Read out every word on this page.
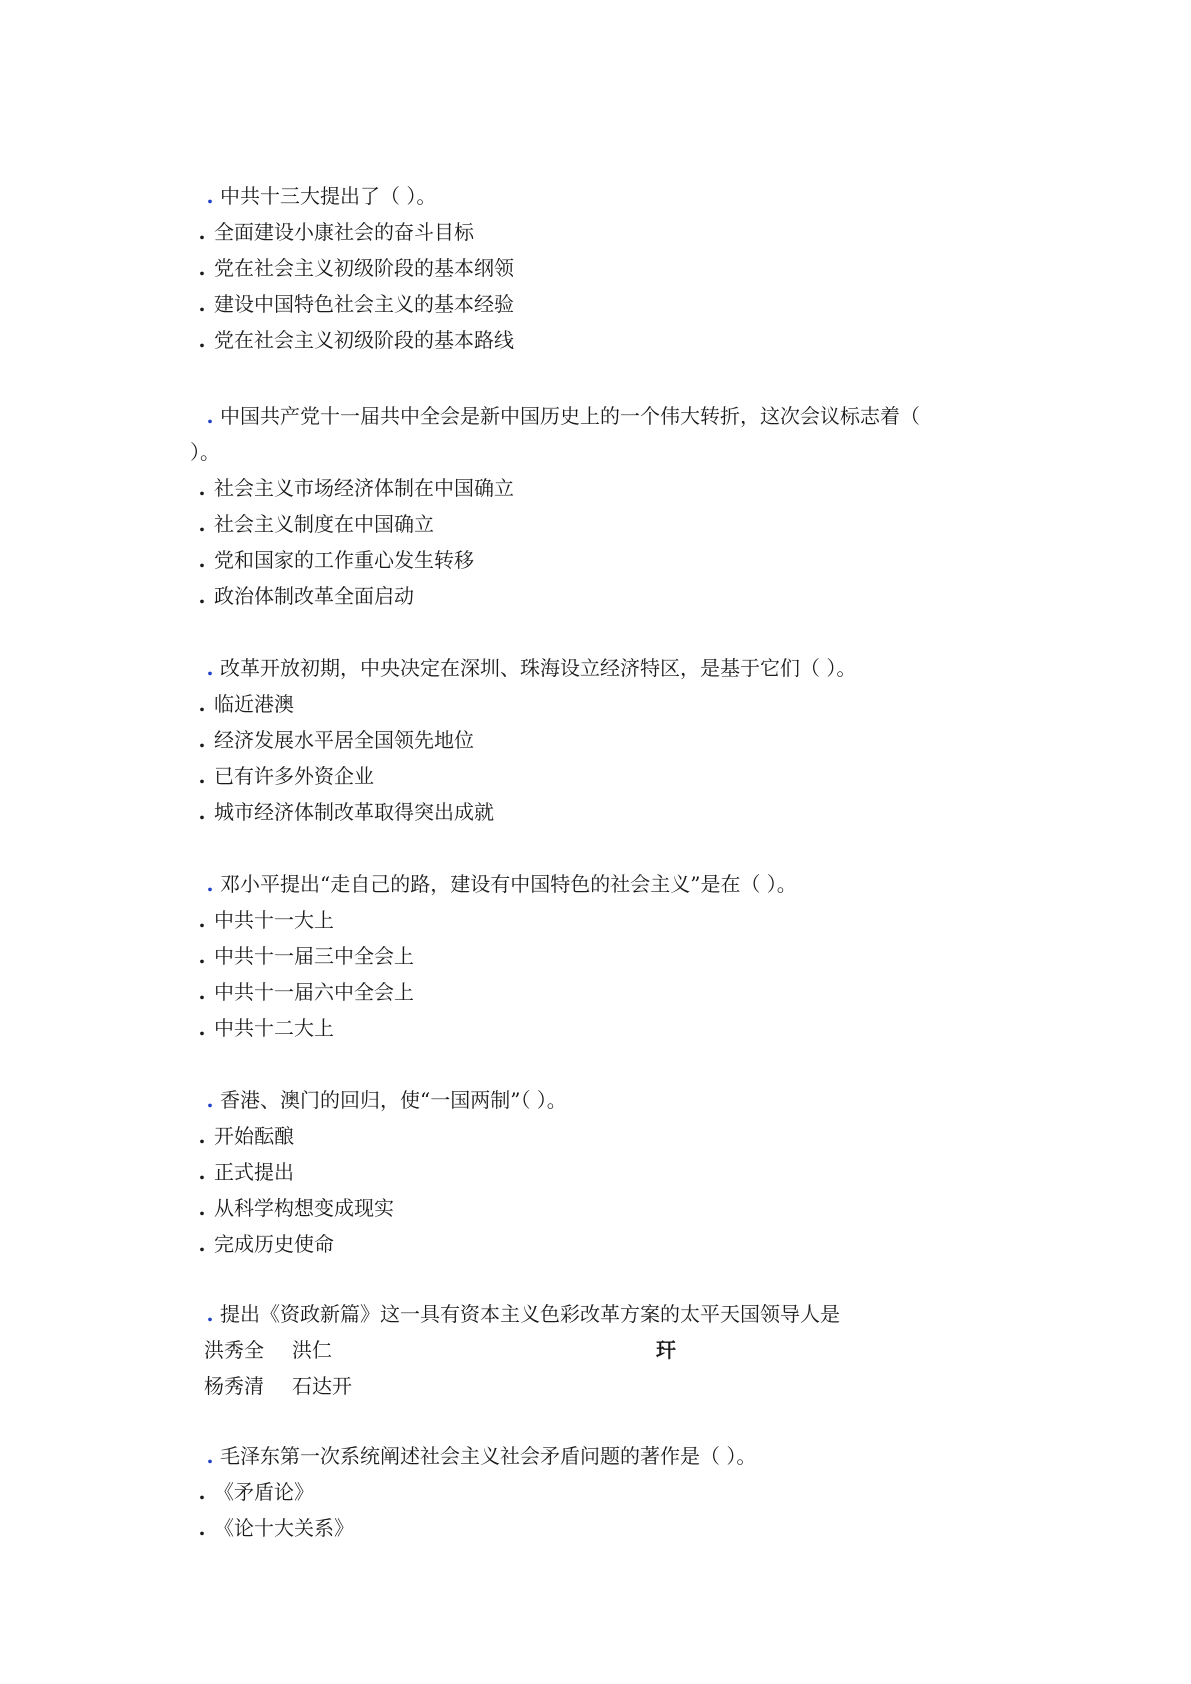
. 中共十三大提出了（ ）。
. 全面建设小康社会的奋斗目标
. 党在社会主义初级阶段的基本纲领
. 建设中国特色社会主义的基本经验
. 党在社会主义初级阶段的基本路线
. 中国共产党十一届共中全会是新中国历史上的一个伟大转折，这次会议标志着（
）。
. 社会主义市场经济体制在中国确立
. 社会主义制度在中国确立
. 党和国家的工作重心发生转移
. 政治体制改革全面启动
. 改革开放初期，中央决定在深圳、珠海设立经济特区，是基于它们（ ）。
. 临近港澳
. 经济发展水平居全国领先地位
. 已有许多外资企业
. 城市经济体制改革取得突出成就
. 邓小平提出“走自己的路，建设有中国特色的社会主义”是在（ ）。
. 中共十一大上
. 中共十一届三中全会上
. 中共十一届六中全会上
. 中共十二大上
. 香港、澳门的回归，使“一国两制”（ ）。
. 开始酝酿
. 正式提出
. 从科学构想变成现实
. 完成历史使命
. 提出《资政新篇》这一具有资本主义色彩改革方案的太平天国领导人是
洪秀全 洪仁
杨秀清 石达开
玕
. 毛泽东第一次系统阐述社会主义社会矛盾问题的著作是（ ）。
. 《矛盾论》
. 《论十大关系》
